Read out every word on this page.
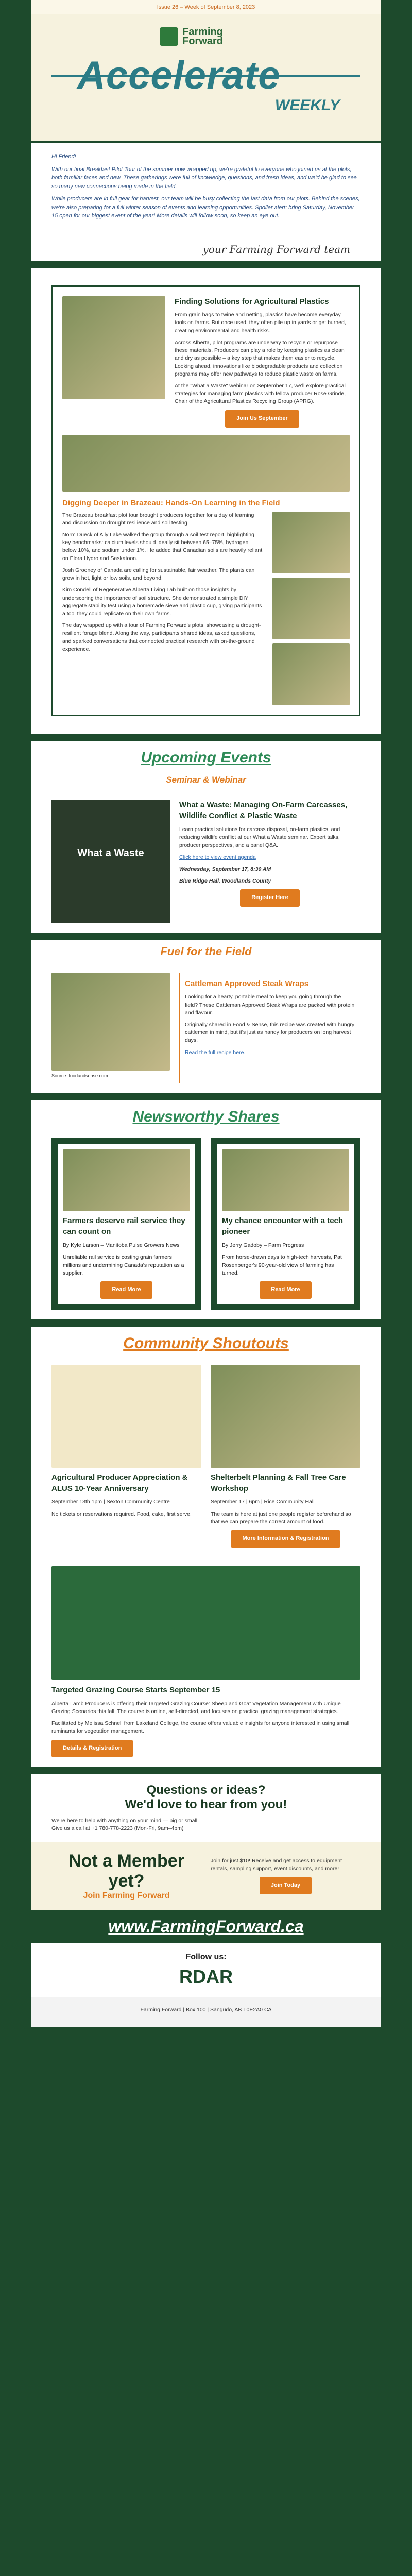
Issue 26 – Week of September 8, 2023
Farming
Forward
Accelerate
WEEKLY

Hi Friend!

With our final Breakfast Pilot Tour of the summer now wrapped up, we're grateful to everyone who joined us at the plots, both familiar faces and new. These gatherings were full of knowledge, questions, and fresh ideas, and we'd be glad to see so many new connections being made in the field.

While producers are in full gear for harvest, our team will be busy collecting the last data from our plots. Behind the scenes, we're also preparing for a full winter season of events and learning opportunities. Spoiler alert: bring Saturday, November 15 open for our biggest event of the year! More details will follow soon, so keep an eye out.

your Farming Forward team
Finding Solutions for Agricultural Plastics

From grain bags to twine and netting, plastics have become everyday tools on farms. But once used, they often pile up in yards or get burned, creating environmental and health risks.

Across Alberta, pilot programs are underway to recycle or repurpose these materials. Producers can play a role by keeping plastics as clean and dry as possible – a key step that makes them easier to recycle. Looking ahead, innovations like biodegradable products and collection programs may offer new pathways to reduce plastic waste on farms.

At the "What a Waste" webinar on September 17, we'll explore practical strategies for managing farm plastics with fellow producer Rose Grinde, Chair of the Agricultural Plastics Recycling Group (APRG).

Join Us September
Digging Deeper in Brazeau: Hands-On Learning in the Field

The Brazeau breakfast plot tour brought producers together for a day of learning and discussion on drought resilience and soil testing.

Norm Dueck of Ally Lake walked the group through a soil test report, highlighting key benchmarks: calcium levels should ideally sit between 65–75%, hydrogen below 10%, and sodium under 1%. He added that Canadian soils are heavily reliant on Elora Hydro and Saskatoon.

Josh Grooney of Canada are calling for sustainable, fair weather. The plants can grow in hot, light or low soils, and beyond.

Kim Condell of Regenerative Alberta Living Lab built on those insights by underscoring the importance of soil structure. She demonstrated a simple DIY aggregate stability test using a homemade sieve and plastic cup, giving participants a tool they could replicate on their own farms.

The day wrapped up with a tour of Farming Forward's plots, showcasing a drought-resilient forage blend. Along the way, participants shared ideas, asked questions, and sparked conversations that connected practical research with on-the-ground experience.

Upcoming Events
Seminar & Webinar
What a Waste
What a Waste: Managing On-Farm Carcasses, Wildlife Conflict & Plastic Waste

Learn practical solutions for carcass disposal, on-farm plastics, and reducing wildlife conflict at our What a Waste seminar. Expert talks, producer perspectives, and a panel Q&A.

Click here to view event agenda

Wednesday, September 17, 8:30 AM

Blue Ridge Hall, Woodlands County

Register Here
Fuel for the Field

Source: foodandsense.com

Cattleman Approved Steak Wraps

Looking for a hearty, portable meal to keep you going through the field? These Cattleman Approved Steak Wraps are packed with protein and flavour.

Originally shared in Food & Sense, this recipe was created with hungry cattlemen in mind, but it's just as handy for producers on long harvest days.

Read the full recipe here.

Newsworthy Shares
Farmers deserve rail service they can count on

By Kyle Larson – Manitoba Pulse Growers News

Unreliable rail service is costing grain farmers millions and undermining Canada's reputation as a supplier.

Read More
My chance encounter with a tech pioneer

By Jerry Gadoby – Farm Progress

From horse-drawn days to high-tech harvests, Pat Rosenberger's 90-year-old view of farming has turned.

Read More
Community Shoutouts
Agricultural Producer Appreciation & ALUS 10-Year Anniversary

September 13th 1pm | Sexton Community Centre

No tickets or reservations required. Food, cake, first serve.

Shelterbelt Planning & Fall Tree Care Workshop

September 17 | 6pm | Rice Community Hall

The team is here at just one people register beforehand so that we can prepare the correct amount of food.

More Information & Registration
Targeted Grazing Course Starts September 15

Alberta Lamb Producers is offering their Targeted Grazing Course: Sheep and Goat Vegetation Management with Unique Grazing Scenarios this fall. The course is online, self-directed, and focuses on practical grazing management strategies.

Facilitated by Melissa Schnell from Lakeland College, the course offers valuable insights for anyone interested in using small ruminants for vegetation management.

Details & Registration
Questions or ideas?
We'd love to hear from you!

We're here to help with anything on your mind — big or small.

Give us a call at +1 780-778-2223 (Mon-Fri, 9am–4pm)

Not a Member yet?
Join Farming Forward

Join for just $10! Receive and get access to equipment rentals, sampling support, event discounts, and more!

Join Today
www.FarmingForward.ca

Follow us:

RDAR

Farming Forward | Box 100 | Sangudo, AB T0E2A0 CA
